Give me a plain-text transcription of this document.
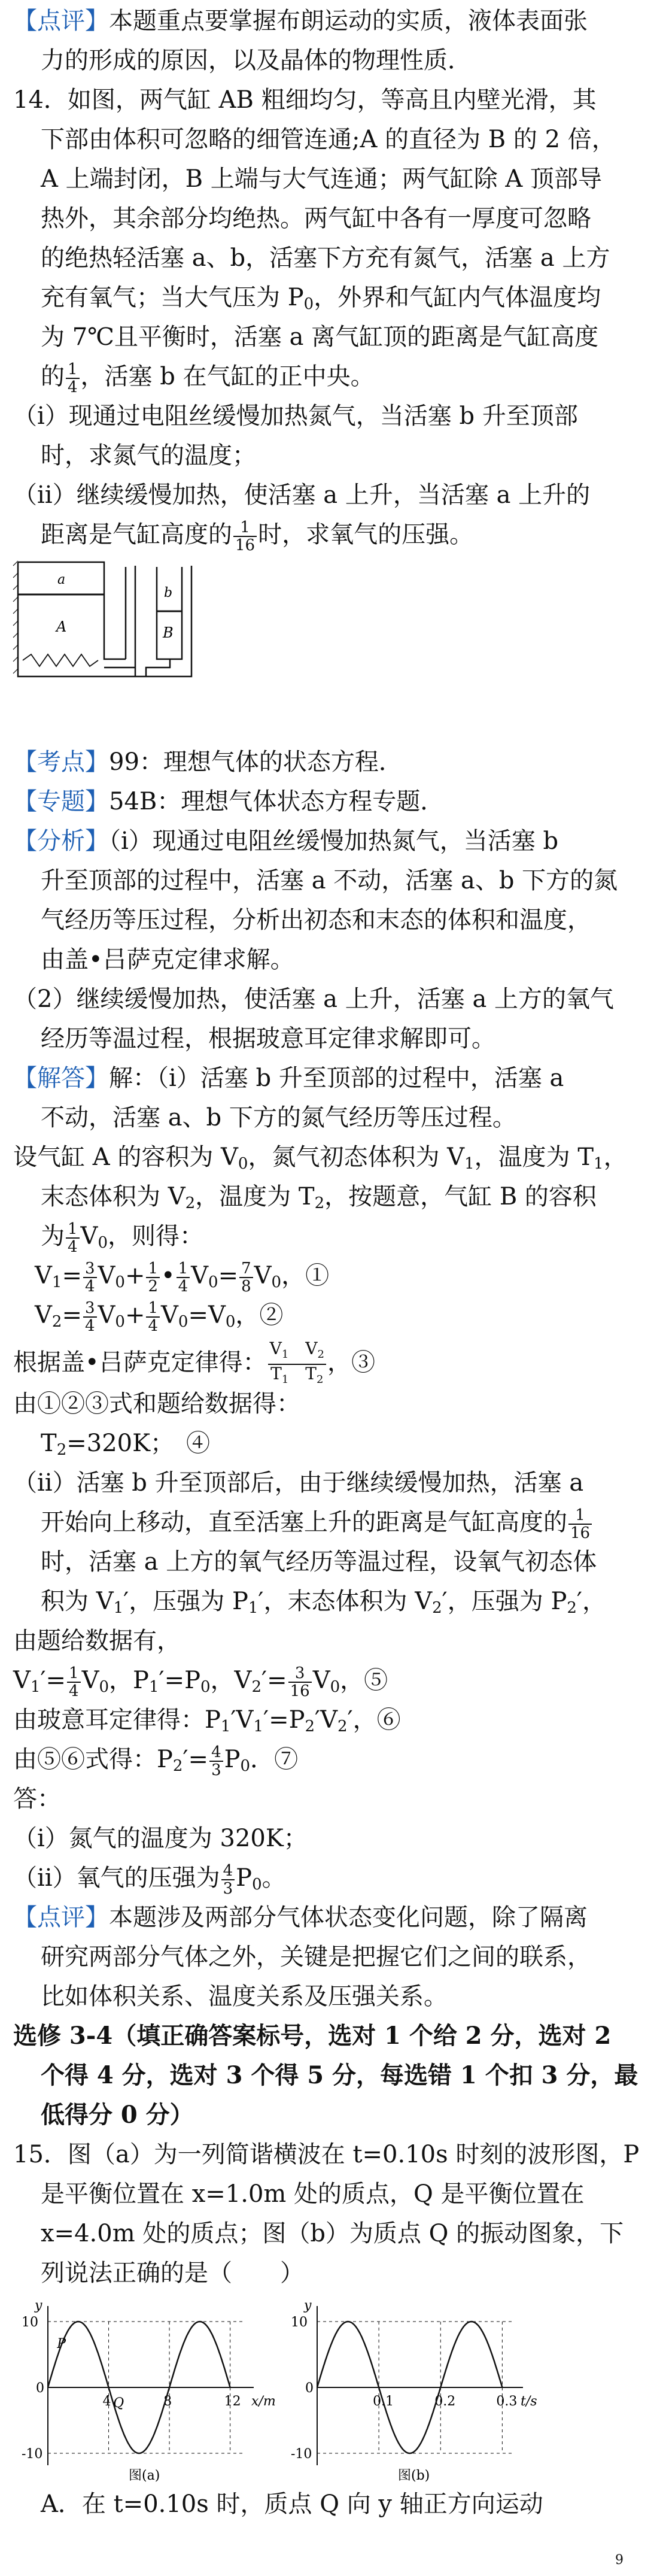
【点评】本题重点要掌握布朗运动的实质，液体表面张
力的形成的原因，以及晶体的物理性质．
14．如图，两气缸 AB 粗细均匀，等高且内壁光滑，其
下部由体积可忽略的细管连通;A 的直径为 B 的 2 倍，
A 上端封闭，B 上端与大气连通；两气缸除 A 顶部导
热外，其余部分均绝热。两气缸中各有一厚度可忽略
的绝热轻活塞 a、b，活塞下方充有氮气，活塞 a 上方
充有氧气；当大气压为 $P_0$，外界和气缸内气体温度均
为 7℃且平衡时，活塞 a 离气缸顶的距离是气缸高度
的 $\frac{1}{4}$ ，活塞 b 在气缸的正中央。
（ⅰ）现通过电阻丝缓慢加热氮气，当活塞 b 升至顶部
时，求氮气的温度；
（ⅱ）继续缓慢加热，使活塞 a 上升，当活塞 a 上升的
距离是气缸高度的 $\frac{1}{16}$ 时，求氧气的压强。
a
A
b
B
【考点】99：理想气体的状态方程．
【专题】54B：理想气体状态方程专题．
【分析】（ⅰ）现通过电阻丝缓慢加热氮气，当活塞 b
升至顶部的过程中，活塞 a 不动，活塞 a、b 下方的氮
气经历等压过程，分析出初态和末态的体积和温度，
由盖•吕萨克定律求解。
（2）继续缓慢加热，使活塞 a 上升，活塞 a 上方的氧气
经历等温过程，根据玻意耳定律求解即可。
【解答】解：（ⅰ）活塞 b 升至顶部的过程中，活塞 a
不动，活塞 a、b 下方的氮气经历等压过程。
设气缸 A 的容积为 $V_0$，氮气初态体积为 $V_1$，温度为 $T_1$，
末态体积为 $V_2$，温度为 $T_2$，按题意，气缸 B 的容积
为 $\frac{1}{4} V_0$，则得：
$V_1= \frac{3}{4} V_0+ \frac{1}{2}$ • $\frac{1}{4} V_0= \frac{7}{8} V_0$，①
$V_2= \frac{3}{4} V_0+ \frac{1}{4} V_0=V_0$，②
根据盖•吕萨克定律得： $\frac{V_1 V_2}{T_1 T_2}$ ，③
由①②③式和题给数据得：
$T_2=320K$；　④
（ⅱ）活塞 b 升至顶部后，由于继续缓慢加热，活塞 a
开始向上移动，直至活塞上升的距离是气缸高度的 $\frac{1}{16}$
时，活塞 a 上方的氧气经历等温过程，设氧气初态体
积为 $V_1'$，压强为 $P_1'$，末态体积为 $V_2'$，压强为 $P_2'$，
由题给数据有，
$V_1'= \frac{1}{4} V_0$，$P_1'=P_0$，$V_2'= \frac{3}{16} V_0$，⑤
由玻意耳定律得：$P_1'V_1'=P_2'V_2'$，⑥
由⑤⑥式得：$P_2'= \frac{4}{3} P_0$．⑦
答：
（ⅰ）氮气的温度为 320K；
（ⅱ）氧气的压强为 $\frac{4}{3} P_0$。
【点评】本题涉及两部分气体状态变化问题，除了隔离
研究两部分气体之外，关键是把握它们之间的联系，
比如体积关系、温度关系及压强关系。
选修 3-4（填正确答案标号，选对 1 个给 2 分，选对 2
个得 4 分，选对 3 个得 5 分，每选错 1 个扣 3 分，最
低得分 0 分）
15．图（a）为一列简谐横波在 t=0.10s 时刻的波形图，P
是平衡位置在 x=1.0m 处的质点，Q 是平衡位置在
x=4.0m 处的质点；图（b）为质点 Q 的振动图象，下
列说法正确的是（　　）
y
x/m
0
10
-10
4	8	12
图(a)
P
Q
y
t/s
0
10
-10
0.1	0.2	0.3
图(b)
A．在 t=0.10s 时，质点 Q 向 y 轴正方向运动
9
